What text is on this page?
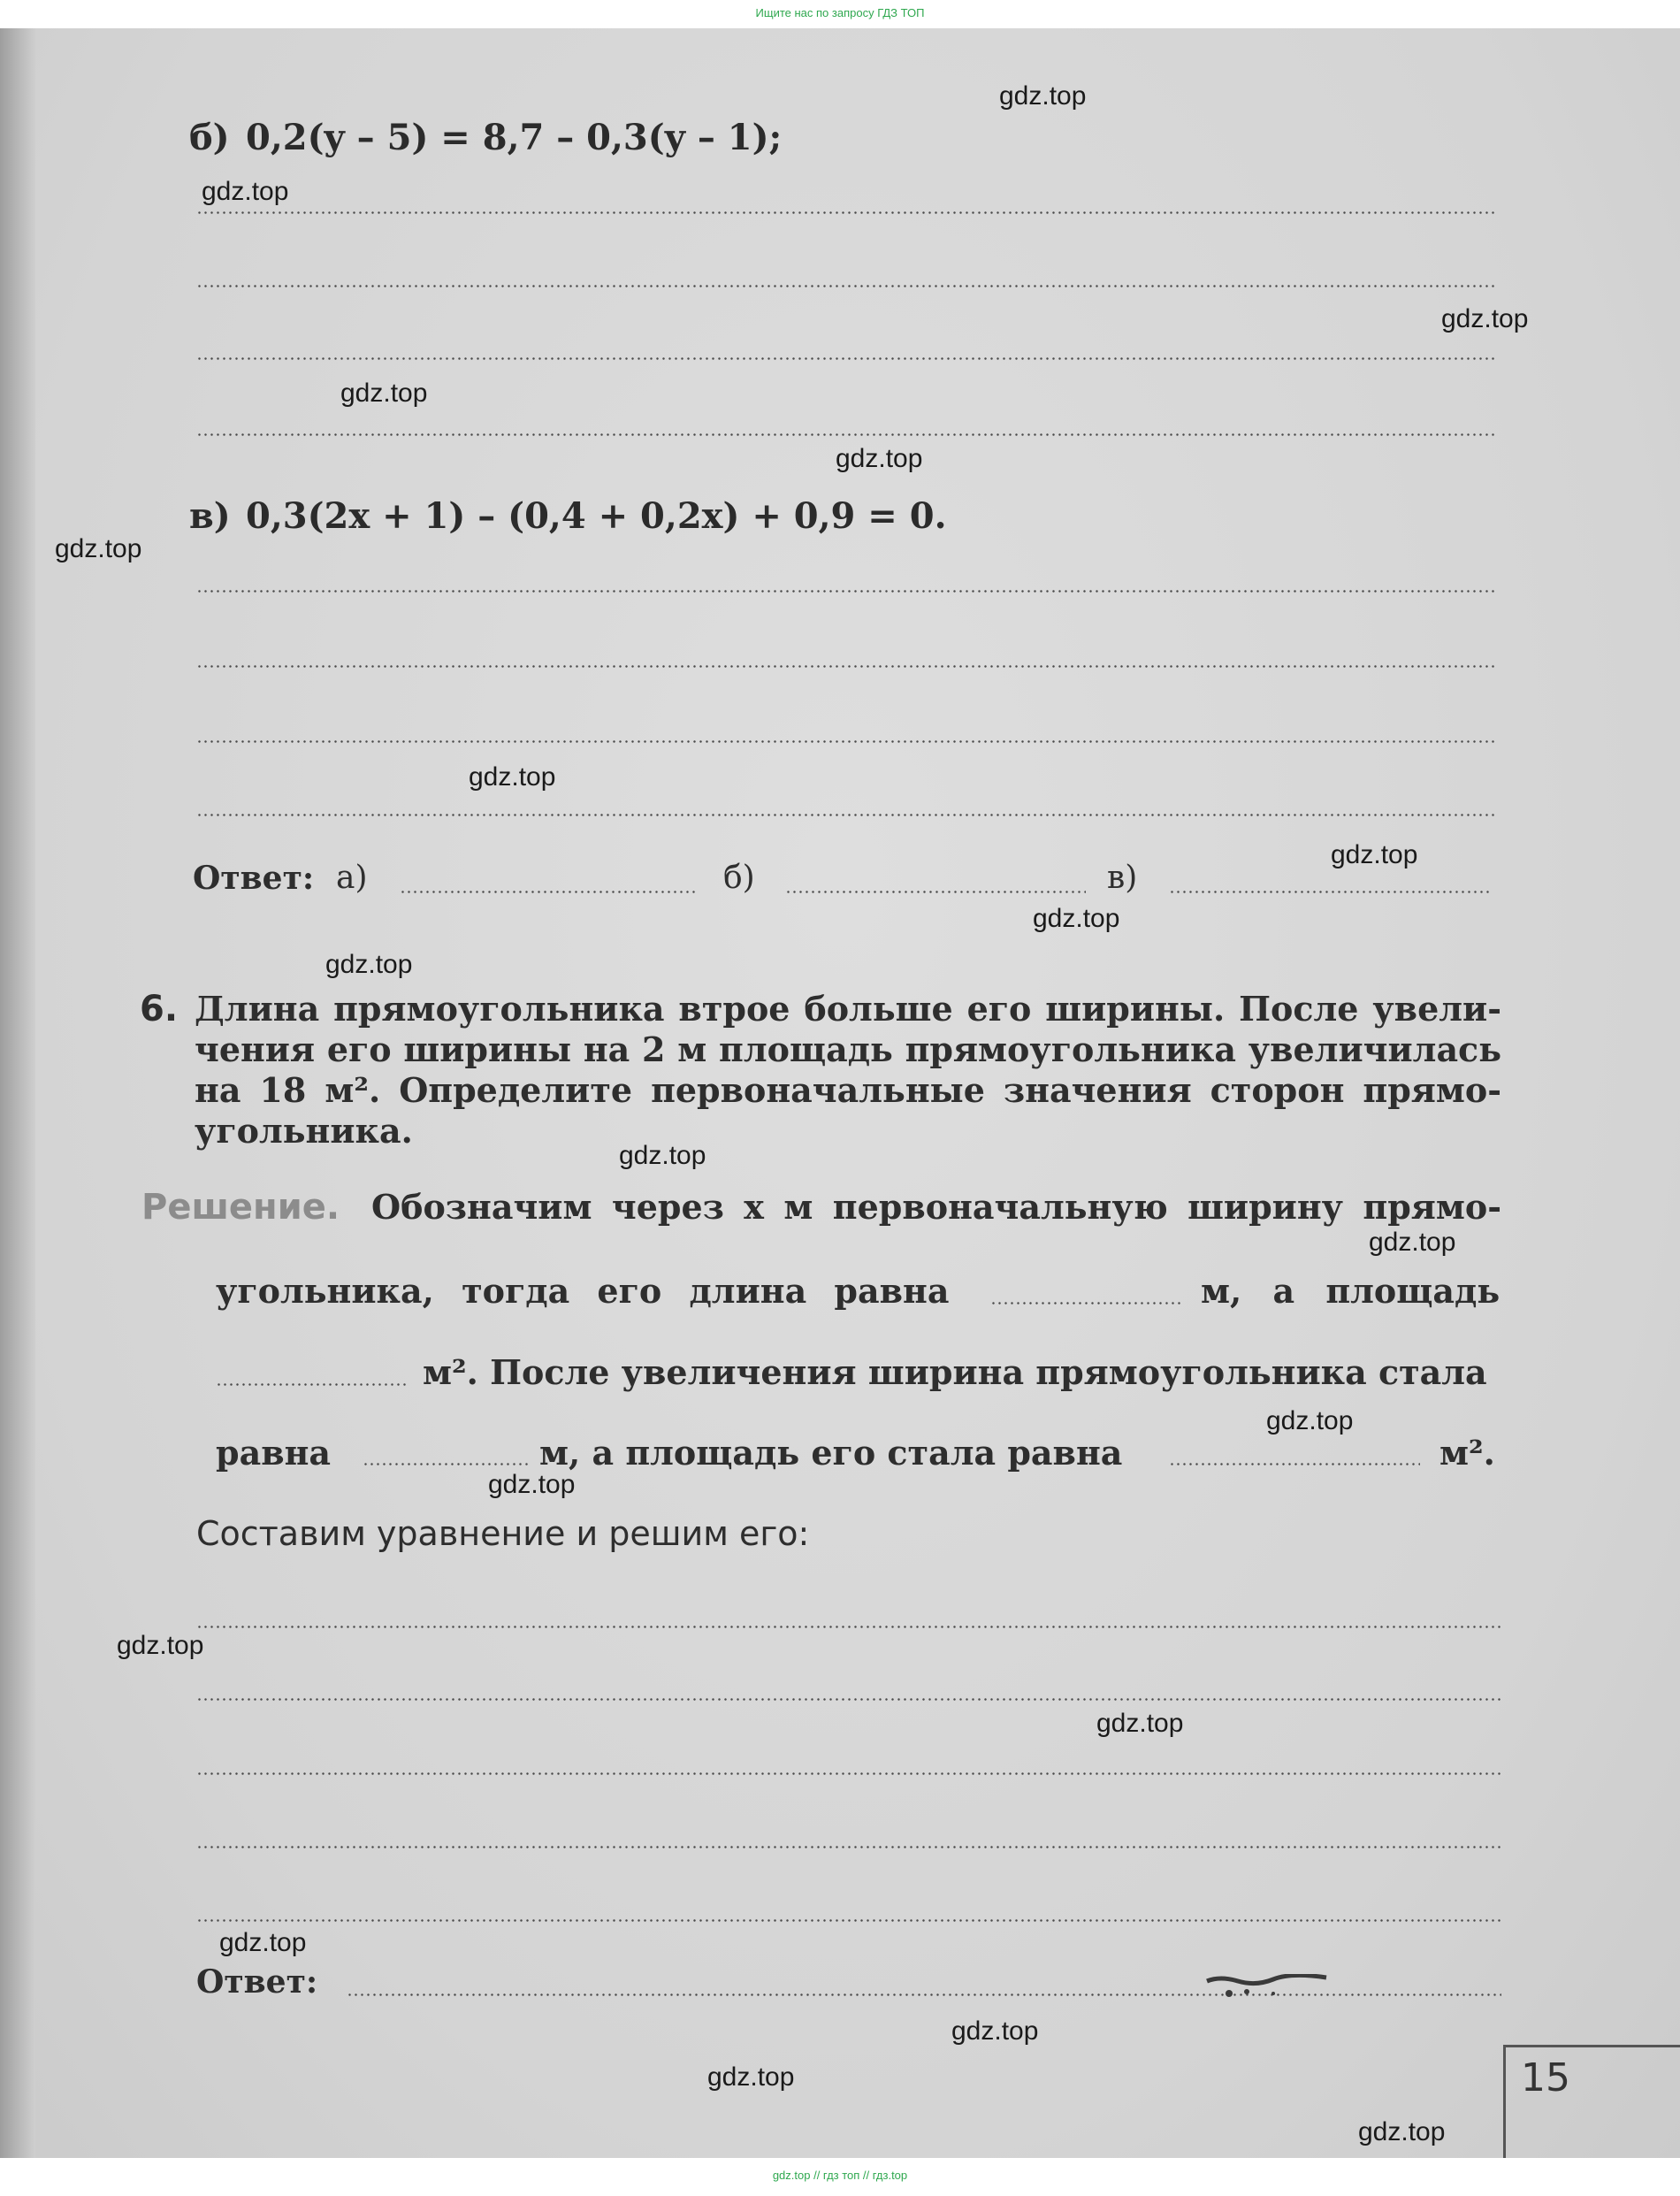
Ищите нас по запросу ГДЗ ТОП
б) 0,2(y – 5) = 8,7 – 0,3(y – 1);
в) 0,3(2x + 1) – (0,4 + 0,2x) + 0,9 = 0.
Ответ: а)	б)	в)
6. Длина прямоугольника втрое больше его ширины. После увели-
чения его ширины на 2 м площадь прямоугольника увеличилась
на 18 м². Определите первоначальные значения сторон прямо-
угольника.
Решение. Обозначим через x м первоначальную ширину прямо-
угольника, тогда его длина равна	м, а площадь
м². После увеличения ширина прямоугольника стала
равна	м, а площадь его стала равна	м².
Составим уравнение и решим его:
Ответ:
15
gdz.top
gdz.top
gdz.top
gdz.top
gdz.top
gdz.top
gdz.top
gdz.top
gdz.top
gdz.top
gdz.top
gdz.top
gdz.top
gdz.top
gdz.top
gdz.top
gdz.top
gdz.top
gdz.top
gdz.top
gdz.top // гдз топ // гдз.top
